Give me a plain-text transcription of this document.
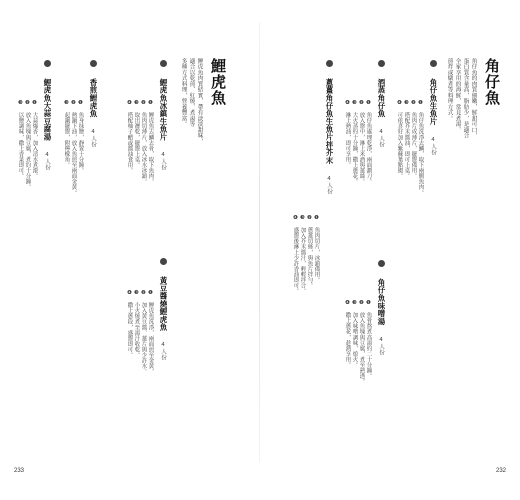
鯉虎魚
鯉虎魚肉質結實，帶有淡淡甜味，
適合以乾煎、紅燒、煮湯等
多種方式料理，營養豐富。
鯉虎魚冰鎮生魚片 4人份
❶ 鯉虎魚去鱗去骨，取下魚肉。
❷ 魚肉切薄片，放入冰水冰鎮。
❸ 取出瀝乾，擺盤上桌。
❹ 搭配柚子醋或醬油食用。
黃豆醬燒鯉虎魚 4人份
❶ 鯉虎魚洗淨，兩面煎至金黃。
❷ 加入黃豆醬、薑片與少許水。
❸ 小火燒煮至湯汁收乾。
❹ 撒上蔥段，盛盤即可。
香煎鯉虎魚 4人份
❶ 魚身抹鹽，靜置十分鐘。
❷ 熱鍋下油，放入魚煎至兩面金黃。
❸ 起鍋擺盤，附檸檬角。
鯉虎魚大蒜豆腐湯 4人份
❶ 大蒜爆香，加入清水煮滾。
❷ 放入魚塊與豆腐，煮約十分鐘。
❸ 以鹽調味，撒上香菜即可。
233
角仔魚
角仔魚的肉質細嫩，鮮甜可口，
蛋白質含量高，脂肪少，是適合
全家享用的海鮮，常見煮湯、
煎炸或燉煮等料理方式。
角仔魚生魚片 4人份
❶ 角仔魚洗淨去鱗，取下兩側魚肉。
❷ 魚肉片成薄片，擺盤備用。
❸ 搭配芥末醬油，即可上桌。
❹ 可依喜好加入紫蘇葉點綴。
酒蒸角仔魚 4人份
❶ 角仔魚處理乾淨，兩面劃刀。
❷ 放入盤中，淋上米酒與薑絲。
❸ 大火蒸約十分鐘，撒上蔥花。
❹ 淋上熱油，即可享用。
蔥薑角仔魚生魚片拌芥末 4人份
❶ 魚肉切片，冰鎮備用。
❷ 蔥薑切絲，與魚片拌勻。
❸ 加入芥末醬汁，輕輕拌合。
❹ 盛盤後淋上少許香油即可。
角仔魚味噌湯 4人份
❶ 魚骨熬煮高湯約二十分鐘。
❷ 放入魚塊與豆腐，煮至熟透。
❸ 加入味噌調味，熄火。
❹ 撒上蔥花，趁熱享用。
232
